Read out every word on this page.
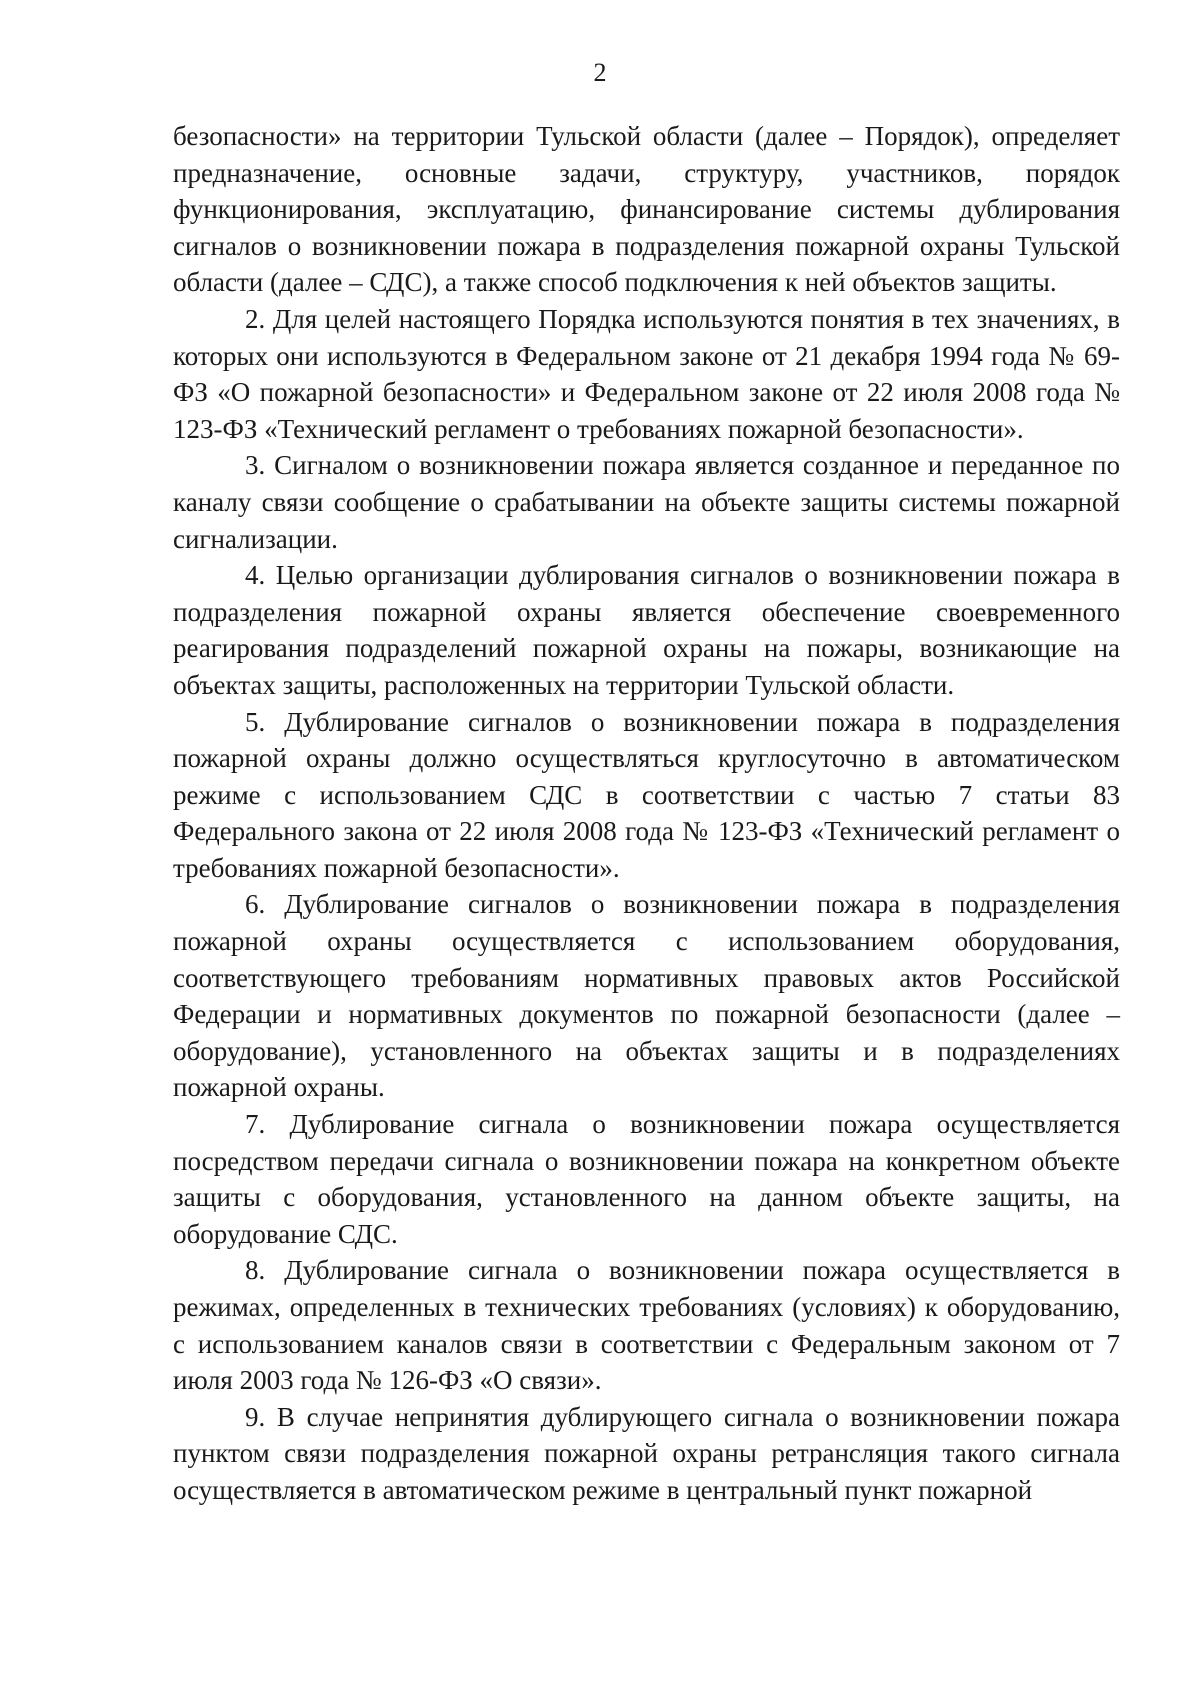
2

безопасности» на территории Тульской области (далее – Порядок), определяет предназначение, основные задачи, структуру, участников, порядок функционирования, эксплуатацию, финансирование системы дублирования сигналов о возникновении пожара в подразделения пожарной охраны Тульской области (далее – СДС), а также способ подключения к ней объектов защиты.

2. Для целей настоящего Порядка используются понятия в тех значениях, в которых они используются в Федеральном законе от 21 декабря 1994 года № 69-ФЗ «О пожарной безопасности» и Федеральном законе от 22 июля 2008 года № 123-ФЗ «Технический регламент о требованиях пожарной безопасности».

3. Сигналом о возникновении пожара является созданное и переданное по каналу связи сообщение о срабатывании на объекте защиты системы пожарной сигнализации.

4. Целью организации дублирования сигналов о возникновении пожара в подразделения пожарной охраны является обеспечение своевременного реагирования подразделений пожарной охраны на пожары, возникающие на объектах защиты, расположенных на территории Тульской области.

5. Дублирование сигналов о возникновении пожара в подразделения пожарной охраны должно осуществляться круглосуточно в автоматическом режиме с использованием СДС в соответствии с частью 7 статьи 83 Федерального закона от 22 июля 2008 года № 123-ФЗ «Технический регламент о требованиях пожарной безопасности».

6. Дублирование сигналов о возникновении пожара в подразделения пожарной охраны осуществляется с использованием оборудования, соответствующего требованиям нормативных правовых актов Российской Федерации и нормативных документов по пожарной безопасности (далее – оборудование), установленного на объектах защиты и в подразделениях пожарной охраны.

7. Дублирование сигнала о возникновении пожара осуществляется посредством передачи сигнала о возникновении пожара на конкретном объекте защиты с оборудования, установленного на данном объекте защиты, на оборудование СДС.

8. Дублирование сигнала о возникновении пожара осуществляется в режимах, определенных в технических требованиях (условиях) к оборудованию, с использованием каналов связи в соответствии с Федеральным законом от 7 июля 2003 года № 126-ФЗ «О связи».

9. В случае непринятия дублирующего сигнала о возникновении пожара пунктом связи подразделения пожарной охраны ретрансляция такого сигнала осуществляется в автоматическом режиме в центральный пункт пожарной
